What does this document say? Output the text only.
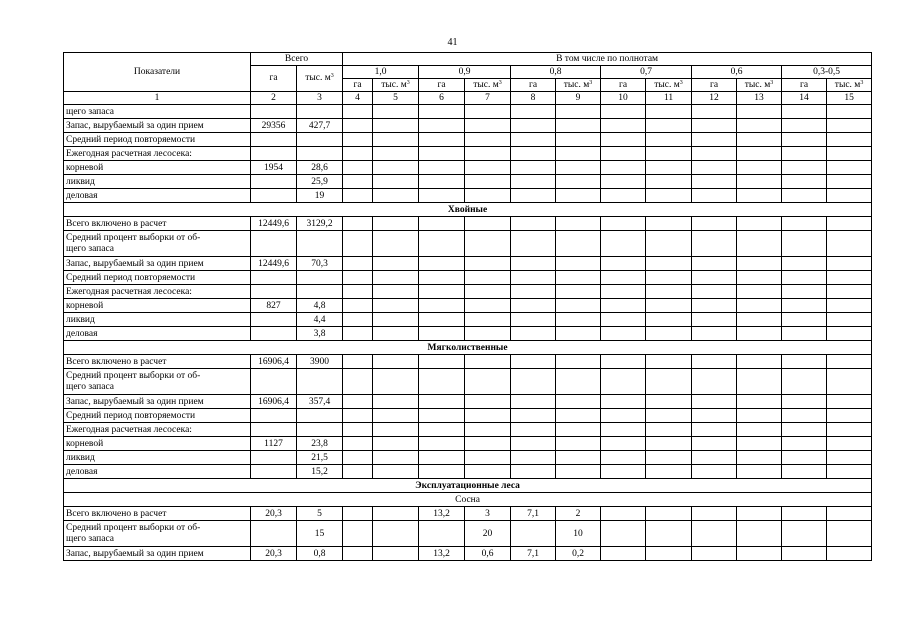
41
Показатели	Всего		В том числе по полнотам											
	га	тыс. $м^3$	1,0		0,9		0,8		0,7		0,6		0,3-0,5	
			га	тыс. $м^3$	га	тыс. $м^3$	га	тыс. $м^3$	га	тыс. $м^3$	га	тыс. $м^3$	га	тыс. $м^3$
1	2	3	4	5	6	7	8	9	10	11	12	13	14	15
щего запаса														
Запас, вырубаемый за один прием	29356	427,7												
Средний период повторяемости														
Ежегодная расчетная лесосека:														
корневой	1954	28,6												
ликвид		25,9												
деловая		19												
Хвойные														
Всего включено в расчет	12449,6	3129,2												
Средний процент выборки от об-
щего запаса														
Запас, вырубаемый за один прием	12449,6	70,3												
Средний период повторяемости														
Ежегодная расчетная лесосека:														
корневой	827	4,8												
ликвид		4,4												
деловая		3,8												
Мягколиственные														
Всего включено в расчет	16906,4	3900												
Средний процент выборки от об-
щего запаса														
Запас, вырубаемый за один прием	16906,4	357,4												
Средний период повторяемости														
Ежегодная расчетная лесосека:														
корневой	1127	23,8												
ликвид		21,5												
деловая		15,2												
Эксплуатационные леса														
Сосна														
Всего включено в расчет	20,3	5			13,2	3	7,1	2						
Средний процент выборки от об-
щего запаса		15				20		10						
Запас, вырубаемый за один прием	20,3	0,8			13,2	0,6	7,1	0,2						
